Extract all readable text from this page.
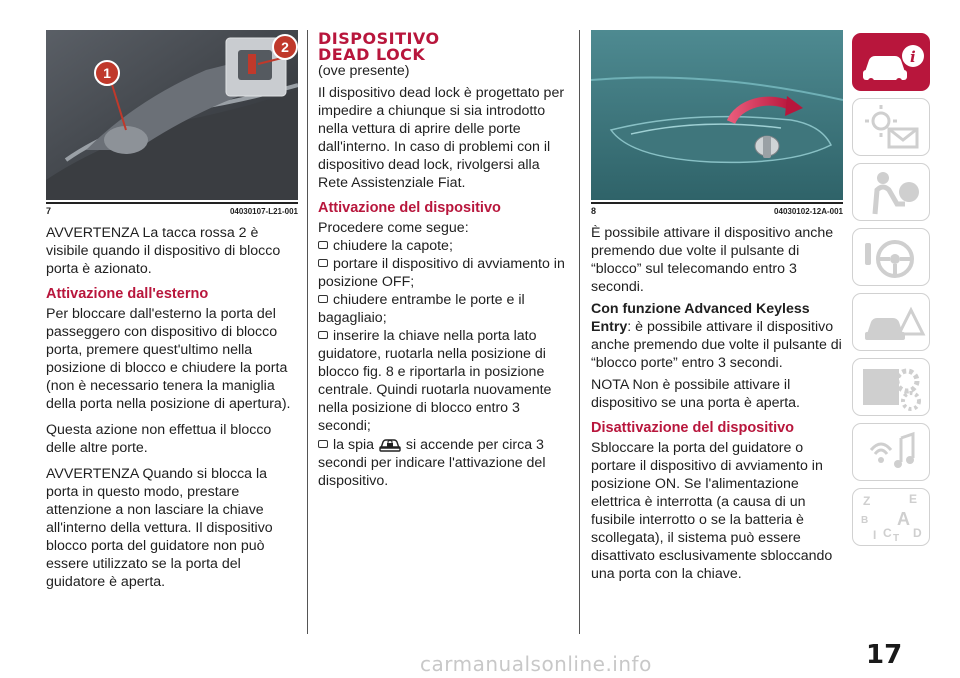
1
2
7	04030107-L21-001

AVVERTENZA La tacca rossa 2 è visibile quando il dispositivo di blocco porta è azionato.

Attivazione dall'esterno

Per bloccare dall'esterno la porta del passeggero con dispositivo di blocco porta, premere quest'ultimo nella posizione di blocco e chiudere la porta (non è necessario tenera la maniglia della porta nella posizione di apertura).

Questa azione non effettua il blocco delle altre porte.

AVVERTENZA Quando si blocca la porta in questo modo, prestare attenzione a non lasciare la chiave all'interno della vettura. Il dispositivo blocco porta del guidatore non può essere utilizzato se la porta del guidatore è aperta.

DISPOSITIVO

DEAD LOCK

(ove presente)

Il dispositivo dead lock è progettato per impedire a chiunque si sia introdotto nella vettura di aprire delle porte dall'interno. In caso di problemi con il dispositivo dead lock, rivolgersi alla Rete Assistenziale Fiat.

Attivazione del dispositivo

Procedere come segue:

chiudere la capote;

portare il dispositivo di avviamento in posizione OFF;

chiudere entrambe le porte e il bagagliaio;

inserire la chiave nella porta lato guidatore, ruotarla nella posizione di blocco fig. 8 e riportarla in posizione centrale. Quindi ruotarla nuovamente nella posizione di blocco entro 3 secondi;

la spia si accende per circa 3 secondi per indicare l'attivazione del dispositivo.

8	04030102-12A-001

È possibile attivare il dispositivo anche premendo due volte il pulsante di “blocco” sul telecomando entro 3 secondi.

Con funzione Advanced Keyless Entry: è possibile attivare il dispositivo anche premendo due volte il pulsante di “blocco porte” entro 3 secondi.

NOTA Non è possibile attivare il dispositivo se una porta è aperta.

Disattivazione del dispositivo

Sbloccare la porta del guidatore o portare il dispositivo di avviamento in posizione ON. Se l'alimentazione elettrica è interrotta (a causa di un fusibile interrotto o se la batteria è scollegata), il sistema può essere disattivato esclusivamente sbloccando una porta con la chiave.

i
Z	E
B A
I C T D
17
carmanualsonline.info
